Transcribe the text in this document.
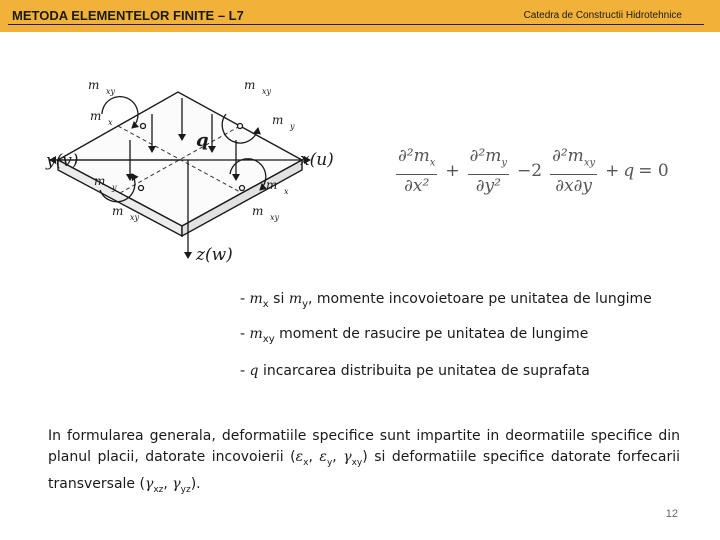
METODA ELEMENTELOR FINITE – L7	Catedra de Constructii Hidrotehnice
y(v)	x(u)
z(w)
q
m xy	m xy
m x	m y
m y	m x
m xy	m xy
$\frac{\partial^2m_x}{\text{∂x²}} + \frac{\partial^2m_y}{\text{∂y²}} -2 \frac{\partial^2m_{xy}}{\partial x\partial y} + q = 0$
- $m_x$ si $m_y$, momente incovoietoare pe unitatea de lungime
- $m_{xy}$ moment de rasucire pe unitatea de lungime
- q incarcarea distribuita pe unitatea de suprafata

In formularea generala, deformatiile specifice sunt impartite in deormatiile specifice din planul placii, datorate incovoierii ($\varepsilon_x$, $\varepsilon_y$, $\gamma_{xy}$) si deformatiile specifice datorate forfecarii transversale ($\gamma_{xz}$, $\gamma_{yz}$).

12
